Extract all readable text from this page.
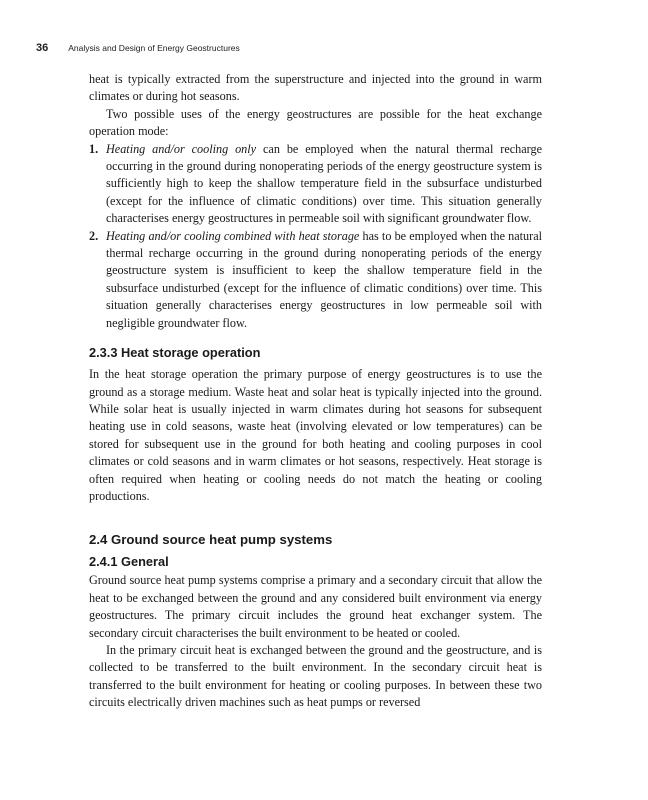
36 Analysis and Design of Energy Geostructures

heat is typically extracted from the superstructure and injected into the ground in warm climates or during hot seasons.

Two possible uses of the energy geostructures are possible for the heat exchange operation mode:

1. Heating and/or cooling only can be employed when the natural thermal recharge occurring in the ground during nonoperating periods of the energy geostructure system is sufficiently high to keep the shallow temperature field in the subsurface undisturbed (except for the influence of climatic conditions) over time. This situation generally characterises energy geostructures in permeable soil with significant groundwater flow.
2. Heating and/or cooling combined with heat storage has to be employed when the natural thermal recharge occurring in the ground during nonoperating periods of the energy geostructure system is insufficient to keep the shallow temperature field in the subsurface undisturbed (except for the influence of climatic conditions) over time. This situation generally characterises energy geostructures in low permeable soil with negligible groundwater flow.
2.3.3 Heat storage operation

In the heat storage operation the primary purpose of energy geostructures is to use the ground as a storage medium. Waste heat and solar heat is typically injected into the ground. While solar heat is usually injected in warm climates during hot seasons for subsequent heating use in cold seasons, waste heat (involving elevated or low temperatures) can be stored for subsequent use in the ground for both heating and cooling purposes in cool climates or cold seasons and in warm climates or hot seasons, respectively. Heat storage is often required when heating or cooling needs do not match the heating or cooling productions.

2.4 Ground source heat pump systems
2.4.1 General

Ground source heat pump systems comprise a primary and a secondary circuit that allow the heat to be exchanged between the ground and any considered built environment via energy geostructures. The primary circuit includes the ground heat exchanger system. The secondary circuit characterises the built environment to be heated or cooled.

In the primary circuit heat is exchanged between the ground and the geostructure, and is collected to be transferred to the built environment. In the secondary circuit heat is transferred to the built environment for heating or cooling purposes. In between these two circuits electrically driven machines such as heat pumps or reversed
